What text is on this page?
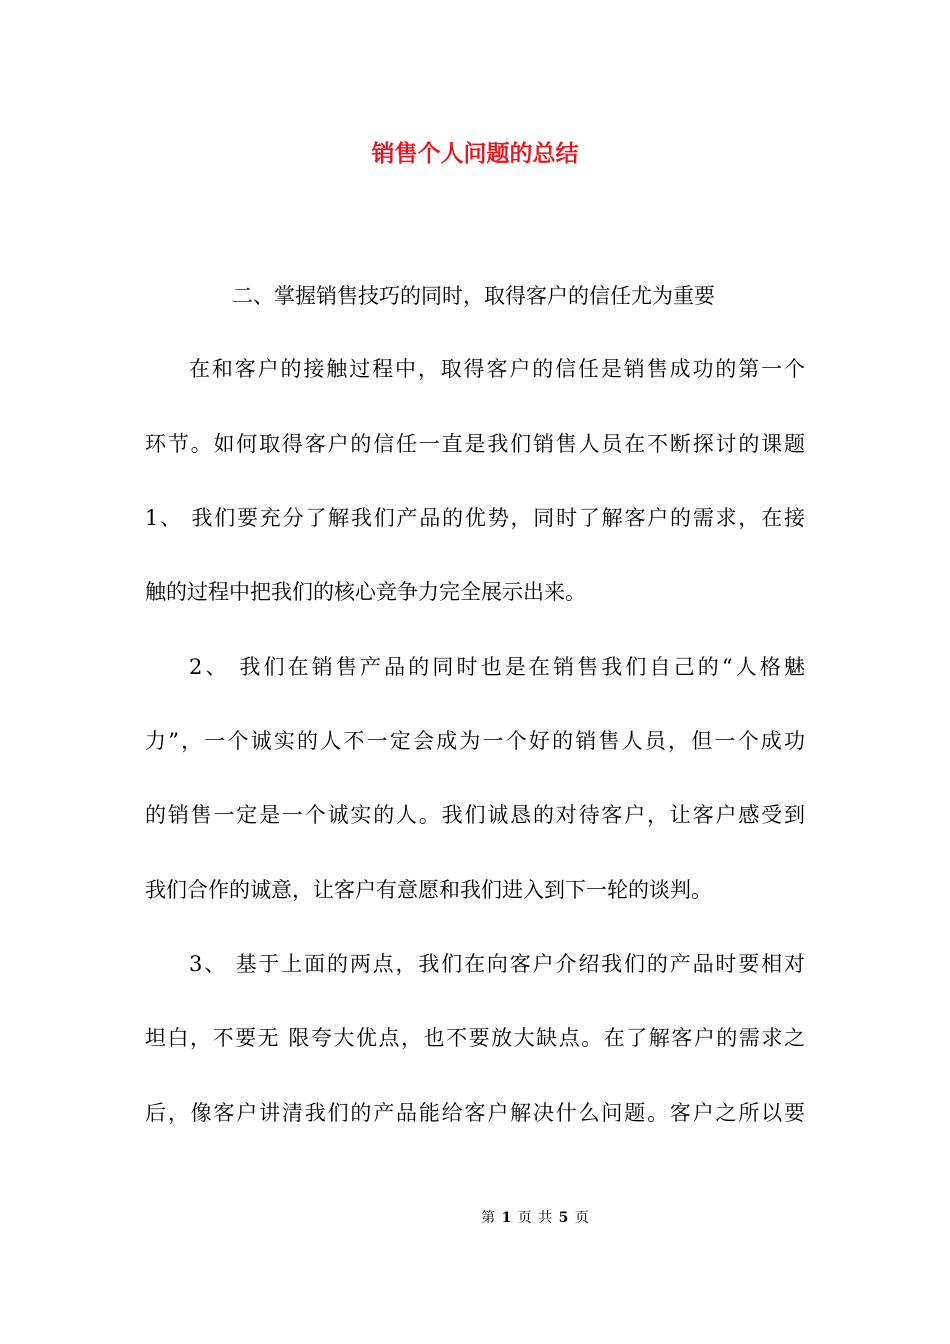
销售个人问题的总结

二、掌握销售技巧的同时，取得客户的信任尤为重要

在和客户的接触过程中，取得客户的信任是销售成功的第一个

环节。如何取得客户的信任一直是我们销售人员在不断探讨的课题

1、 我们要充分了解我们产品的优势，同时了解客户的需求，在接

触的过程中把我们的核心竞争力完全展示出来。

2、 我们在销售产品的同时也是在销售我们自己的“人格魅

力”，一个诚实的人不一定会成为一个好的销售人员，但一个成功

的销售一定是一个诚实的人。我们诚恳的对待客户，让客户感受到

我们合作的诚意，让客户有意愿和我们进入到下一轮的谈判。

3、 基于上面的两点，我们在向客户介绍我们的产品时要相对

坦白，不要无 限夸大优点，也不要放大缺点。在了解客户的需求之

后，像客户讲清我们的产品能给客户解决什么问题。客户之所以要

第 1 页 共 5 页
